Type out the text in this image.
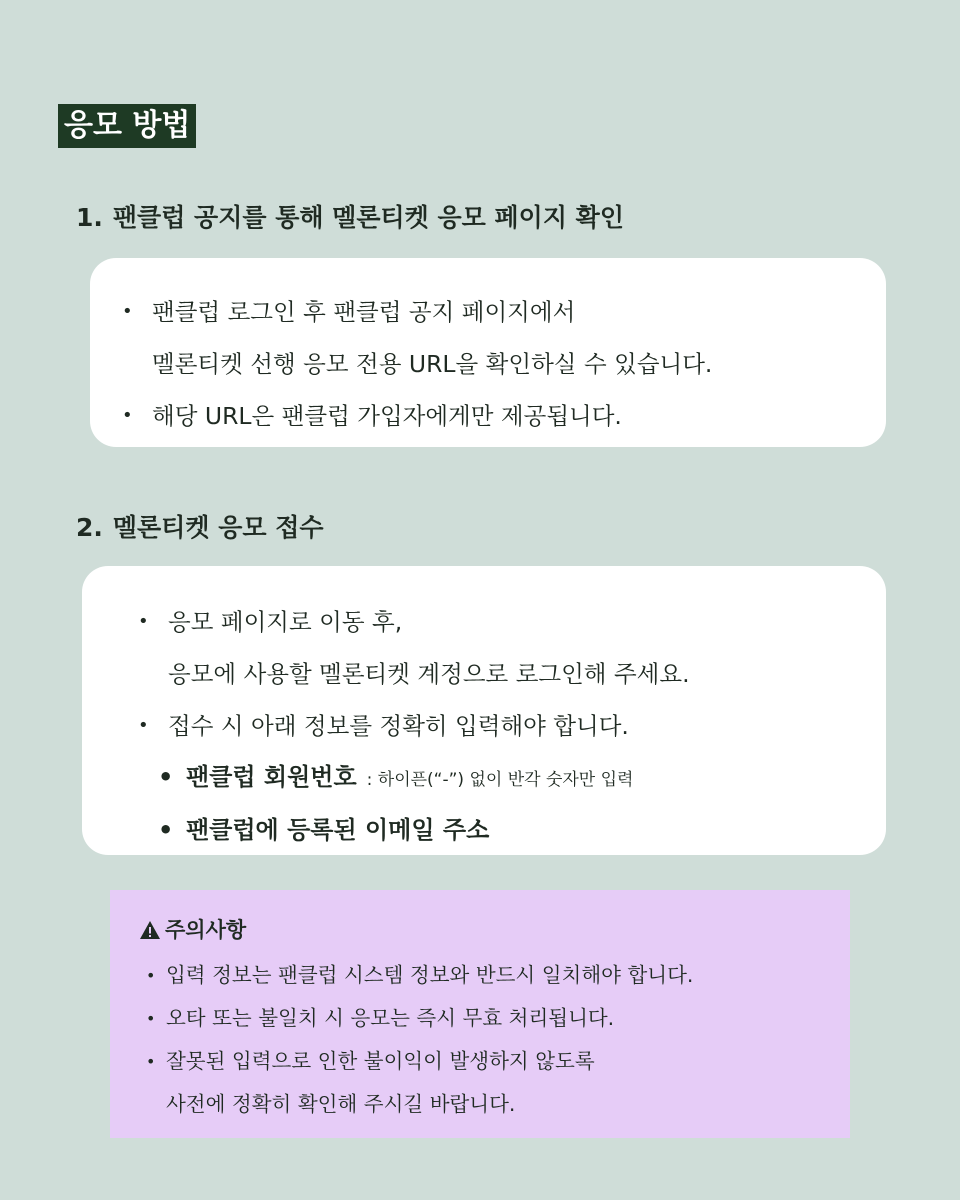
응모 방법
1. 팬클럽 공지를 통해 멜론티켓 응모 페이지 확인
• 팬클럽 로그인 후 팬클럽 공지 페이지에서
멜론티켓 선행 응모 전용 URL을 확인하실 수 있습니다.
• 해당 URL은 팬클럽 가입자에게만 제공됩니다.
2. 멜론티켓 응모 접수
• 응모 페이지로 이동 후,
응모에 사용할 멜론티켓 계정으로 로그인해 주세요.
• 접수 시 아래 정보를 정확히 입력해야 합니다.
• 팬클럽 회원번호 : 하이픈(“-”) 없이 반각 숫자만 입력
• 팬클럽에 등록된 이메일 주소
주의사항
• 입력 정보는 팬클럽 시스템 정보와 반드시 일치해야 합니다.
• 오타 또는 불일치 시 응모는 즉시 무효 처리됩니다.
• 잘못된 입력으로 인한 불이익이 발생하지 않도록
사전에 정확히 확인해 주시길 바랍니다.
